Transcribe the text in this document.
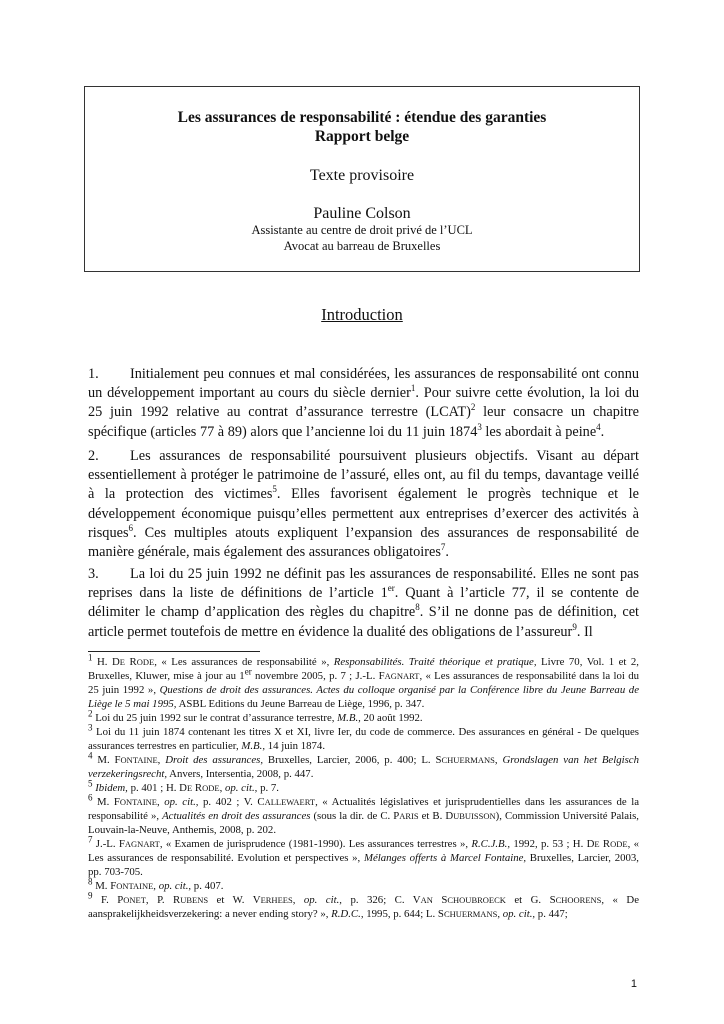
Les assurances de responsabilité : étendue des garanties
Rapport belge
Texte provisoire
Pauline Colson
Assistante au centre de droit privé de l’UCL
Avocat au barreau de Bruxelles
Introduction

1. Initialement peu connues et mal considérées, les assurances de responsabilité ont connu un développement important au cours du siècle dernier$^1$. Pour suivre cette évolution, la loi du 25 juin 1992 relative au contrat d’assurance terrestre (LCAT)$^2$ leur consacre un chapitre spécifique (articles 77 à 89) alors que l’ancienne loi du 11 juin 1874$^3$ les abordait à peine$^4$.

2. Les assurances de responsabilité poursuivent plusieurs objectifs. Visant au départ essentiellement à protéger le patrimoine de l’assuré, elles ont, au fil du temps, davantage veillé à la protection des victimes$^5$. Elles favorisent également le progrès technique et le développement économique puisqu’elles permettent aux entreprises d’exercer des activités à risques$^6$. Ces multiples atouts expliquent l’expansion des assurances de responsabilité de manière générale, mais également des assurances obligatoires$^7$.

3. La loi du 25 juin 1992 ne définit pas les assurances de responsabilité. Elles ne sont pas reprises dans la liste de définitions de l’article 1er. Quant à l’article 77, il se contente de délimiter le champ d’application des règles du chapitre$^8$. S’il ne donne pas de définition, cet article permet toutefois de mettre en évidence la dualité des obligations de l’assureur$^9$. Il

$^1$ H. DE RODE, « Les assurances de responsabilité », Responsabilités. Traité théorique et pratique, Livre 70, Vol. 1 et 2, Bruxelles, Kluwer, mise à jour au 1er novembre 2005, p. 7 ; J.-L. FAGNART, « Les assurances de responsabilité dans la loi du 25 juin 1992 », Questions de droit des assurances. Actes du colloque organisé par la Conférence libre du Jeune Barreau de Liège le 5 mai 1995, ASBL Editions du Jeune Barreau de Liège, 1996, p. 347.

$^2$ Loi du 25 juin 1992 sur le contrat d’assurance terrestre, M.B., 20 août 1992.

$^3$ Loi du 11 juin 1874 contenant les titres X et XI, livre Ier, du code de commerce. Des assurances en général - De quelques assurances terrestres en particulier, M.B., 14 juin 1874.

$^4$ M. FONTAINE, Droit des assurances, Bruxelles, Larcier, 2006, p. 400; L. SCHUERMANS, Grondslagen van het Belgisch verzekeringsrecht, Anvers, Intersentia, 2008, p. 447.

$^5$ Ibidem, p. 401 ; H. DE RODE, op. cit., p. 7.

$^6$ M. FONTAINE, op. cit., p. 402 ; V. CALLEWAERT, « Actualités législatives et jurisprudentielles dans les assurances de la responsabilité », Actualités en droit des assurances (sous la dir. de C. PARIS et B. DUBUISSON), Commission Université Palais, Louvain-la-Neuve, Anthemis, 2008, p. 202.

$^7$ J.-L. FAGNART, « Examen de jurisprudence (1981-1990). Les assurances terrestres », R.C.J.B., 1992, p. 53 ; H. DE RODE, « Les assurances de responsabilité. Evolution et perspectives », Mélanges offerts à Marcel Fontaine, Bruxelles, Larcier, 2003, pp. 703-705.

$^8$ M. FONTAINE, op. cit., p. 407.

$^9$ F. PONET, P. RUBENS et W. VERHEES, op. cit., p. 326; C. VAN SCHOUBROECK et G. SCHOORENS, « De aansprakelijkheidsverzekering: a never ending story? », R.D.C., 1995, p. 644; L. SCHUERMANS, op. cit., p. 447;

1
